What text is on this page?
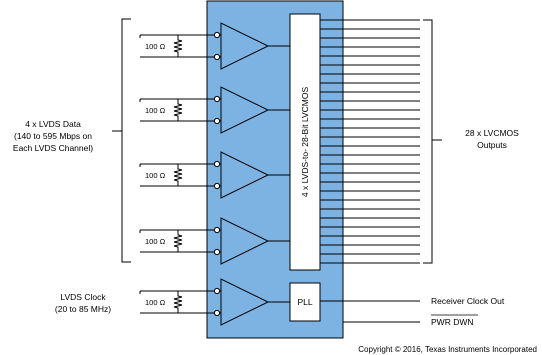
4 x LVDS-to- 28-Bit LVCMOS
PLL
4 x LVDS Data
(140 to 595 Mbps on
Each LVDS Channel)
LVDS Clock
(20 to 85 MHz)
28 x LVCMOS
Outputs
100 Ω
100 Ω
100 Ω
100 Ω
100 Ω	Receiver Clock Out
PWR DWN
Copyright © 2016, Texas Instruments Incorporated
